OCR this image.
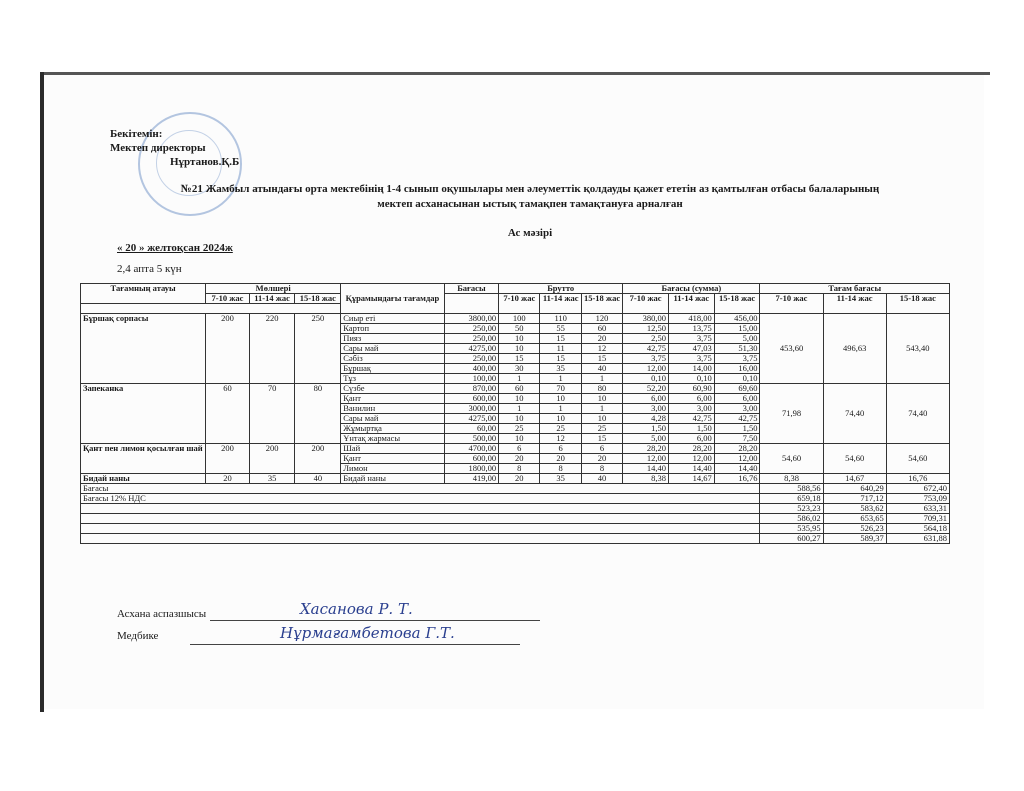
Бекітемін:
Мектеп директоры
Нұртанов.Қ.Б
№21 Жамбыл атындағы орта мектебінің 1-4 сынып оқушылары мен әлеуметтік қолдауды қажет ететін аз қамтылған отбасы балаларының
мектеп асханасынан ыстық тамақпен тамақтануға арналған
Ас мәзірі
« 20 » желтоқсан 2024ж
2,4 апта 5 күн
Тағамның атауы	Мөлшері			Құрамындағы тағамдар	Бағасы	Брутто			Бағасы (сумма)			Тағам бағасы		
	7-10 жас	11-14 жас	15-18 жас			7-10 жас	11-14 жас	15-18 жас	7-10 жас	11-14 жас	15-18 жас	7-10 жас	11-14 жас	15-18 жас

Бұршақ сорпасы	200	220	250	Сиыр еті	3800,00	100	110	120	380,00	418,00	456,00	453,60	496,63	543,40
				Картоп	250,00	50	55	60	12,50	13,75	15,00			
				Пияз	250,00	10	15	20	2,50	3,75	5,00			
				Сары май	4275,00	10	11	12	42,75	47,03	51,30			
				Сәбіз	250,00	15	15	15	3,75	3,75	3,75			
				Бұршақ	400,00	30	35	40	12,00	14,00	16,00			
				Тұз	100,00	1	1	1	0,10	0,10	0,10			
Запеканка	60	70	80	Сүзбе	870,00	60	70	80	52,20	60,90	69,60	71,98	74,40	74,40
				Қант	600,00	10	10	10	6,00	6,00	6,00			
				Ванилин	3000,00	1	1	1	3,00	3,00	3,00			
				Сары май	4275,00	10	10	10	4,28	42,75	42,75			
				Жұмыртқа	60,00	25	25	25	1,50	1,50	1,50			
				Ұнтақ жармасы	500,00	10	12	15	5,00	6,00	7,50			
Қант пен лимон қосылған шай	200	200	200	Шай	4700,00	6	6	6	28,20	28,20	28,20	54,60	54,60	54,60
				Қант	600,00	20	20	20	12,00	12,00	12,00			
				Лимон	1800,00	8	8	8	14,40	14,40	14,40			
Бидай наны	20	35	40	Бидай наны	419,00	20	35	40	8,38	14,67	16,76	8,38	14,67	16,76
Бағасы												588,56	640,29	672,40
Бағасы 12% НДС												659,18	717,12	753,09
												523,23	583,62	633,31
												586,02	653,65	709,31
												535,95	526,23	564,18
												600,27	589,37	631,88
Асхана аспазшысы	Хасанова Р. Т.
Медбике	Нұрмағамбетова Г.Т.
